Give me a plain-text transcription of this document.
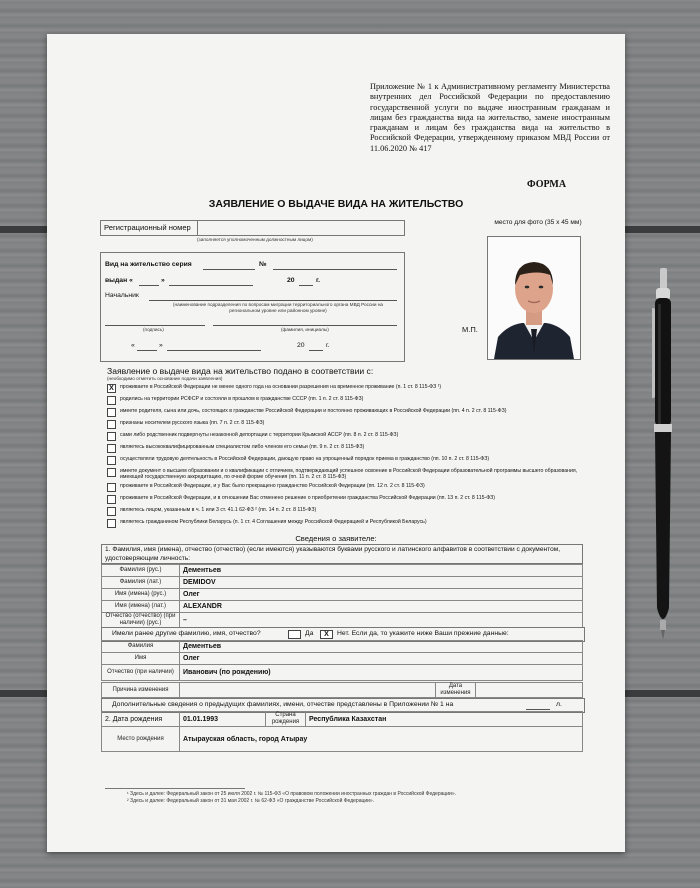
Приложение № 1 к Административному регламенту Министерства внутренних дел Российской Федерации по предоставлению государственной услуги по выдаче иностранным гражданам и лицам без гражданства вида на жительство, замене иностранным гражданам и лицам без гражданства вида на жительство в Российской Федерации, утвержденному приказом МВД России от 11.06.2020 № 417
ФОРМА
ЗАЯВЛЕНИЕ О ВЫДАЧЕ ВИДА НА ЖИТЕЛЬСТВО
место для фото (35 х 45 мм)
М.П.
Регистрационный номер
(заполняется уполномоченным должностным лицом)
Вид на жительство серия	№
выдан «	»	20	г.
Начальник
(наименование подразделения по вопросам миграции территориального органа МВД России на региональном уровне или районном уровне)
(подпись)	(фамилия, инициалы)
«	»	20	г.
Заявление о выдаче вида на жительство подано в соответствии с:
(необходимо отметить основание подачи заявления)
X	проживаете в Российской Федерации не менее одного года на основании разрешения на временное проживание (п. 1 ст. 8 115-ФЗ ¹)
родились на территории РСФСР и состояли в прошлом в гражданстве СССР (пп. 1 п. 2 ст. 8 115-ФЗ)
имеете родителя, сына или дочь, состоящих в гражданстве Российской Федерации и постоянно проживающих в Российской Федерации (пп. 4 п. 2 ст. 8 115-ФЗ)
признаны носителем русского языка (пп. 7 п. 2 ст. 8 115-ФЗ)
сами либо родственник подвергнуты незаконной депортации с территории Крымской АССР (пп. 8 п. 2 ст. 8 115-ФЗ)
являетесь высококвалифицированным специалистом либо членом его семьи (пп. 9 п. 2 ст. 8 115-ФЗ)
осуществляли трудовую деятельность в Российской Федерации, дающую право на упрощенный порядок приема в гражданство (пп. 10 п. 2 ст. 8 115-ФЗ)
имеете документ о высшем образовании и о квалификации с отличием, подтверждающий успешное освоение в Российской Федерации образовательной программы высшего образования, имеющей государственную аккредитацию, по очной форме обучения (пп. 11 п. 2 ст. 8 115-ФЗ)
проживаете в Российской Федерации, и у Вас было прекращено гражданство Российской Федерации (пп. 12 п. 2 ст. 8 115-ФЗ)
проживаете в Российской Федерации, и в отношении Вас отменено решение о приобретении гражданства Российской Федерации (пп. 13 п. 2 ст. 8 115-ФЗ)
являетесь лицом, указанным в ч. 1 или 3 ст. 41.1 62-ФЗ ² (пп. 14 п. 2 ст. 8 115-ФЗ)
являетесь гражданином Республики Беларусь (п. 1 ст. 4 Соглашения между Российской Федерацией и Республикой Беларусь)
Сведения о заявителе:
1. Фамилия, имя (имена), отчество (отчество) (если имеются) указываются буквами русского и латинского алфавитов в соответствии с документом, удостоверяющим личность:
Фамилия (рус.)	Дементьев
Фамилия (лат.)	DEMIDOV
Имя (имена) (рус.)	Олег
Имя (имена) (лат.)	ALEXANDR
Отчество (отчество) (при наличии) (рус.)	–
Имели ранее другие фамилию, имя, отчество?	Да	X	Нет. Если да, то укажите ниже Ваши прежние данные:
Фамилия	Дементьев
Имя	Олег
Отчество (при наличии)	Иванович (по рождению)
Причина изменения		Дата изменения	
Дополнительные сведения о предыдущих фамилиях, имени, отчестве представлены в Приложении № 1 на	л.
2. Дата рождения	01.01.1993	Страна рождения	Республика Казахстан
Место рождения	Атырауская область, город Атырау		
¹ Здесь и далее: Федеральный закон от 25 июля 2002 г. № 115-ФЗ «О правовом положении иностранных граждан в Российской Федерации».
² Здесь и далее: Федеральный закон от 31 мая 2002 г. № 62-ФЗ «О гражданстве Российской Федерации».
